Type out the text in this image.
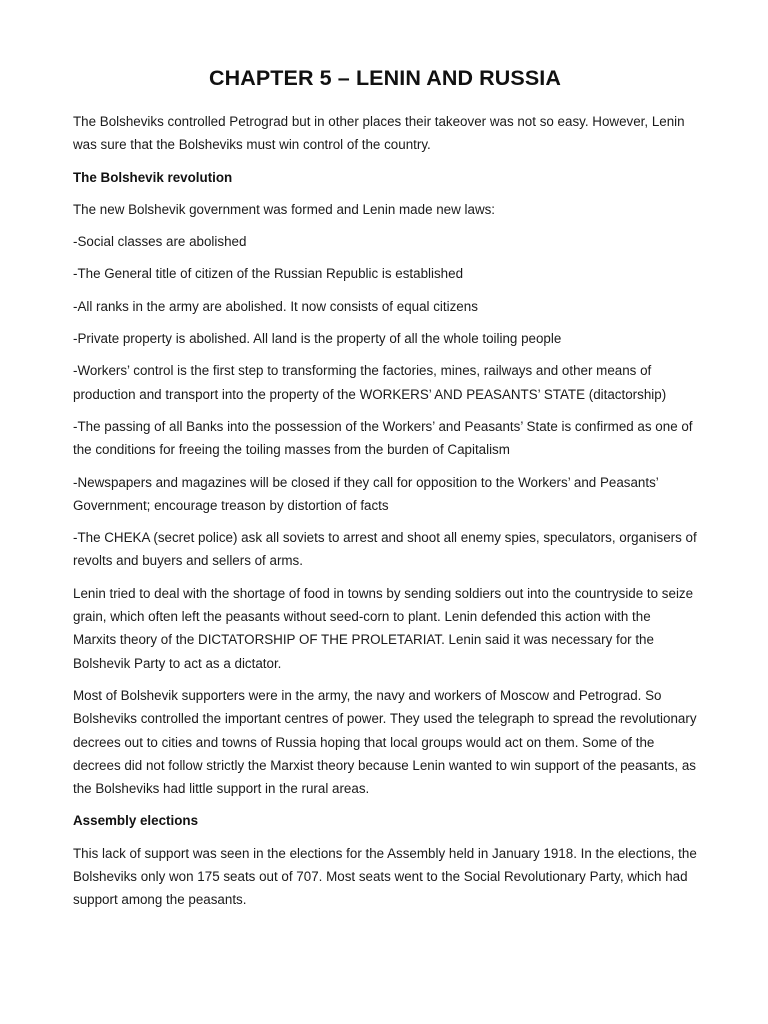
CHAPTER 5 – LENIN AND RUSSIA

The Bolsheviks controlled Petrograd but in other places their takeover was not so easy. However, Lenin was sure that the Bolsheviks must win control of the country.

The Bolshevik revolution

The new Bolshevik government was formed and Lenin made new laws:

-Social classes are abolished

-The General title of citizen of the Russian Republic is established

-All ranks in the army are abolished. It now consists of equal citizens

-Private property is abolished. All land is the property of all the whole toiling people

-Workers’ control is the first step to transforming the factories, mines, railways and other means of production and transport into the property of the WORKERS’ AND PEASANTS’ STATE (ditactorship)

-The passing of all Banks into the possession of the Workers’ and Peasants’ State is confirmed as one of the conditions for freeing the toiling masses from the burden of Capitalism

-Newspapers and magazines will be closed if they call for opposition to the Workers’ and Peasants’ Government; encourage treason by distortion of facts

-The CHEKA (secret police) ask all soviets to arrest and shoot all enemy spies, speculators, organisers of revolts and buyers and sellers of arms.

Lenin tried to deal with the shortage of food in towns by sending soldiers out into the countryside to seize grain, which often left the peasants without seed-corn to plant. Lenin defended this action with the Marxits theory of the DICTATORSHIP OF THE PROLETARIAT. Lenin said it was necessary for the Bolshevik Party to act as a dictator.

Most of Bolshevik supporters were in the army, the navy and workers of Moscow and Petrograd. So Bolsheviks controlled the important centres of power. They used the telegraph to spread the revolutionary decrees out to cities and towns of Russia hoping that local groups would act on them. Some of the decrees did not follow strictly the Marxist theory because Lenin wanted to win support of the peasants, as the Bolsheviks had little support in the rural areas.

Assembly elections

This lack of support was seen in the elections for the Assembly held in January 1918. In the elections, the Bolsheviks only won 175 seats out of 707. Most seats went to the Social Revolutionary Party, which had support among the peasants.
